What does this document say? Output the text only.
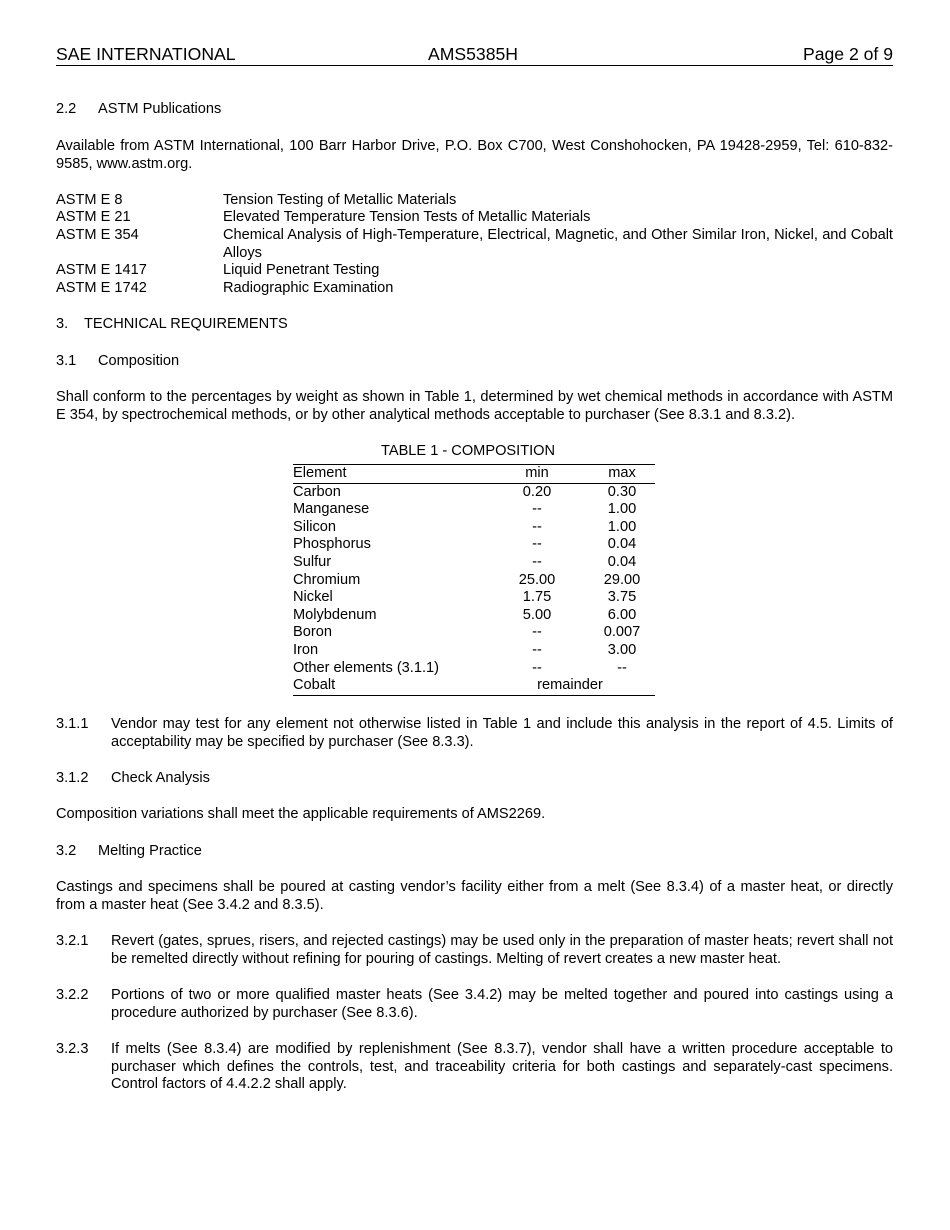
SAE INTERNATIONAL	AMS5385H	Page 2 of 9
2.2 ASTM Publications
Available from ASTM International, 100 Barr Harbor Drive, P.O. Box C700, West Conshohocken, PA 19428-2959, Tel: 610-832-9585, www.astm.org.
ASTM E 8	Tension Testing of Metallic Materials
ASTM E 21	Elevated Temperature Tension Tests of Metallic Materials
ASTM E 354	Chemical Analysis of High-Temperature, Electrical, Magnetic, and Other Similar Iron, Nickel, and Cobalt Alloys
ASTM E 1417	Liquid Penetrant Testing
ASTM E 1742	Radiographic Examination
3. TECHNICAL REQUIREMENTS
3.1 Composition
Shall conform to the percentages by weight as shown in Table 1, determined by wet chemical methods in accordance with ASTM E 354, by spectrochemical methods, or by other analytical methods acceptable to purchaser (See 8.3.1 and 8.3.2).
TABLE 1 - COMPOSITION
Element	min	max
Carbon	0.20	0.30
Manganese	--	1.00
Silicon	--	1.00
Phosphorus	--	0.04
Sulfur	--	0.04
Chromium	25.00	29.00
Nickel	1.75	3.75
Molybdenum	5.00	6.00
Boron	--	0.007
Iron	--	3.00
Other elements (3.1.1)	--	--
Cobalt	remainder	
3.1.1 Vendor may test for any element not otherwise listed in Table 1 and include this analysis in the report of 4.5. Limits of acceptability may be specified by purchaser (See 8.3.3).
3.1.2 Check Analysis
Composition variations shall meet the applicable requirements of AMS2269.
3.2 Melting Practice
Castings and specimens shall be poured at casting vendor’s facility either from a melt (See 8.3.4) of a master heat, or directly from a master heat (See 3.4.2 and 8.3.5).
3.2.1 Revert (gates, sprues, risers, and rejected castings) may be used only in the preparation of master heats; revert shall not be remelted directly without refining for pouring of castings. Melting of revert creates a new master heat.
3.2.2 Portions of two or more qualified master heats (See 3.4.2) may be melted together and poured into castings using a procedure authorized by purchaser (See 8.3.6).
3.2.3 If melts (See 8.3.4) are modified by replenishment (See 8.3.7), vendor shall have a written procedure acceptable to purchaser which defines the controls, test, and traceability criteria for both castings and separately-cast specimens. Control factors of 4.4.2.2 shall apply.
